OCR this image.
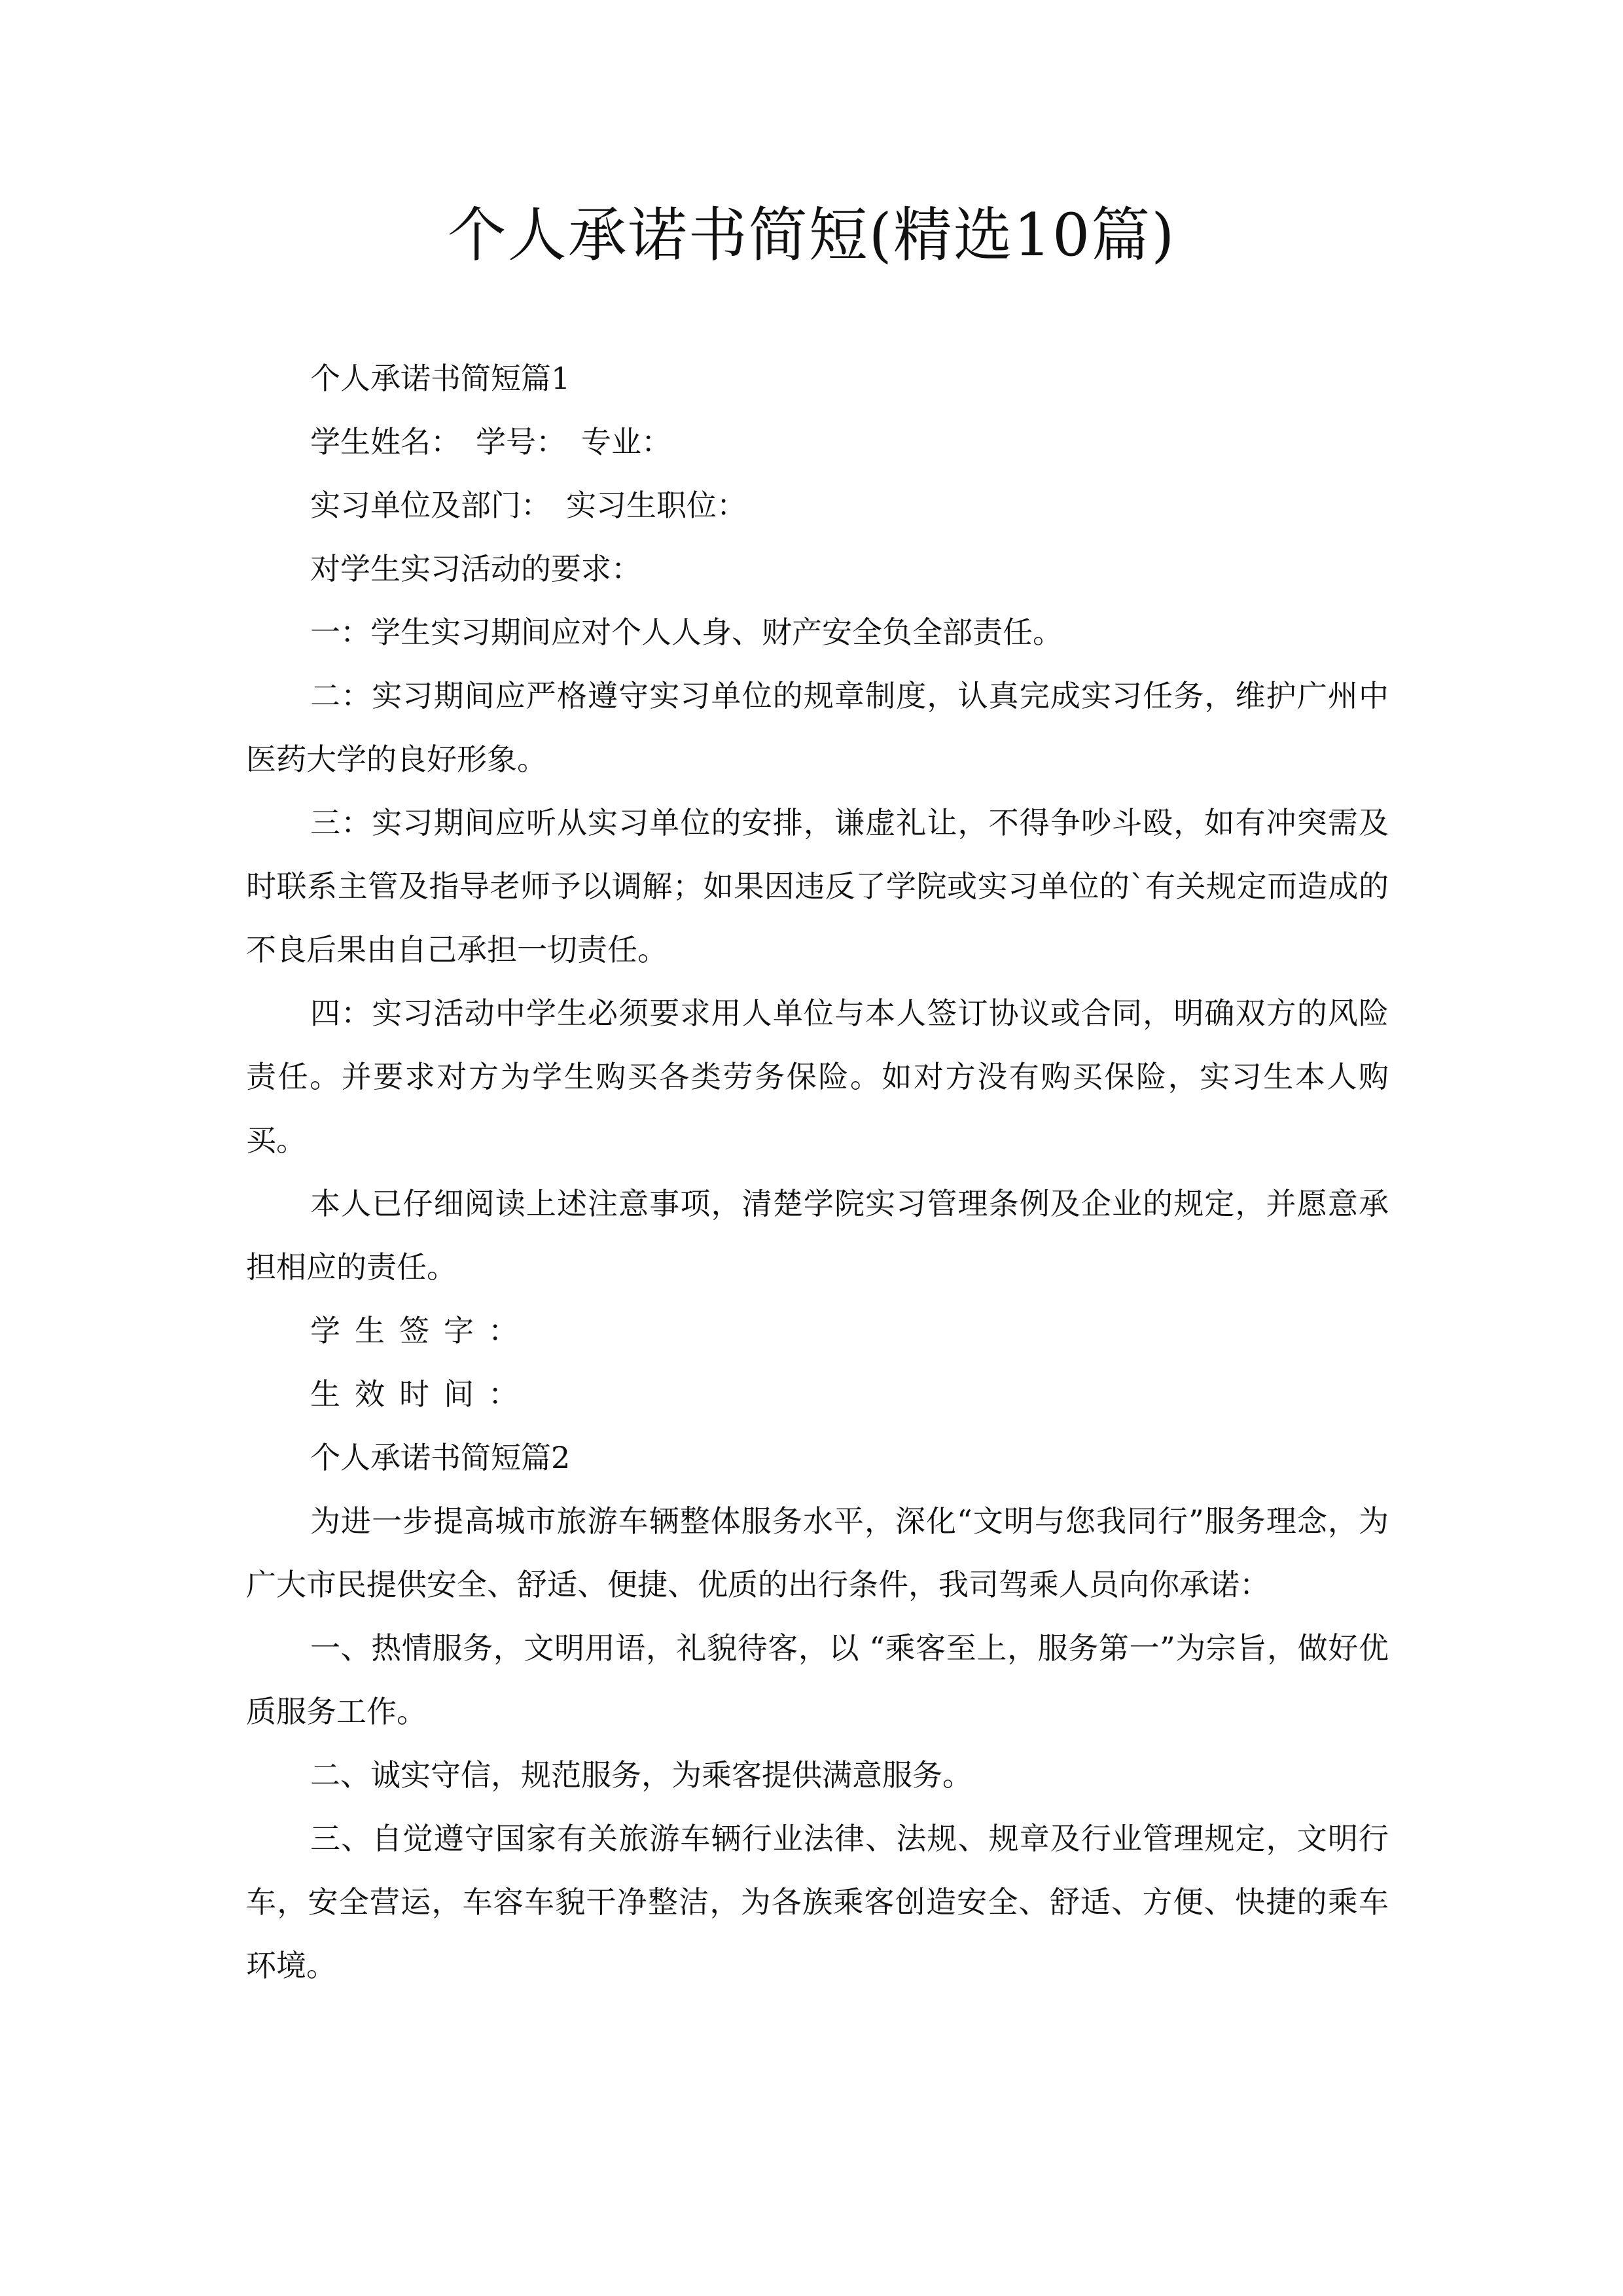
个人承诺书简短(精选10篇)

个人承诺书简短篇1

学生姓名：　学号：　专业：

实习单位及部门：　实习生职位：

对学生实习活动的要求：

一：学生实习期间应对个人人身、财产安全负全部责任。

二：实习期间应严格遵守实习单位的规章制度，认真完成实习任务，维护广州中医药大学的良好形象。

三：实习期间应听从实习单位的安排，谦虚礼让，不得争吵斗殴，如有冲突需及时联系主管及指导老师予以调解；如果因违反了学院或实习单位的`有关规定而造成的不良后果由自己承担一切责任。

四：实习活动中学生必须要求用人单位与本人签订协议或合同，明确双方的风险责任。并要求对方为学生购买各类劳务保险。如对方没有购买保险，实习生本人购买。

本人已仔细阅读上述注意事项，清楚学院实习管理条例及企业的规定，并愿意承担相应的责任。

学生签字：

生效时间：

个人承诺书简短篇2

为进一步提高城市旅游车辆整体服务水平，深化“文明与您我同行”服务理念，为广大市民提供安全、舒适、便捷、优质的出行条件，我司驾乘人员向你承诺：

一、热情服务，文明用语，礼貌待客，以 “乘客至上，服务第一”为宗旨，做好优质服务工作。

二、诚实守信，规范服务，为乘客提供满意服务。

三、自觉遵守国家有关旅游车辆行业法律、法规、规章及行业管理规定，文明行车，安全营运，车容车貌干净整洁，为各族乘客创造安全、舒适、方便、快捷的乘车环境。
